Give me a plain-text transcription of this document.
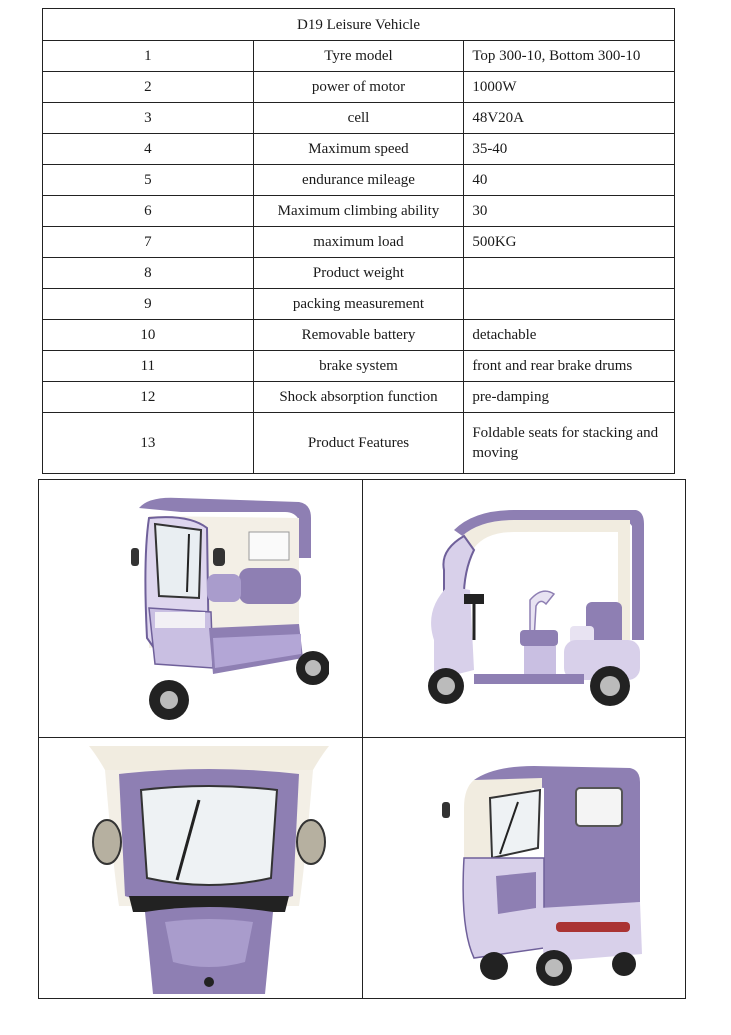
D19 Leisure Vehicle		
1	Tyre model	Top 300-10, Bottom 300-10
2	power of motor	1000W
3	cell	48V20A
4	Maximum speed	35-40
5	endurance mileage	40
6	Maximum climbing ability	30
7	maximum load	500KG
8	Product weight	
9	packing measurement	
10	Removable battery	detachable
11	brake system	front and rear brake drums
12	Shock absorption function	pre-damping
13	Product Features	Foldable seats for stacking and moving
